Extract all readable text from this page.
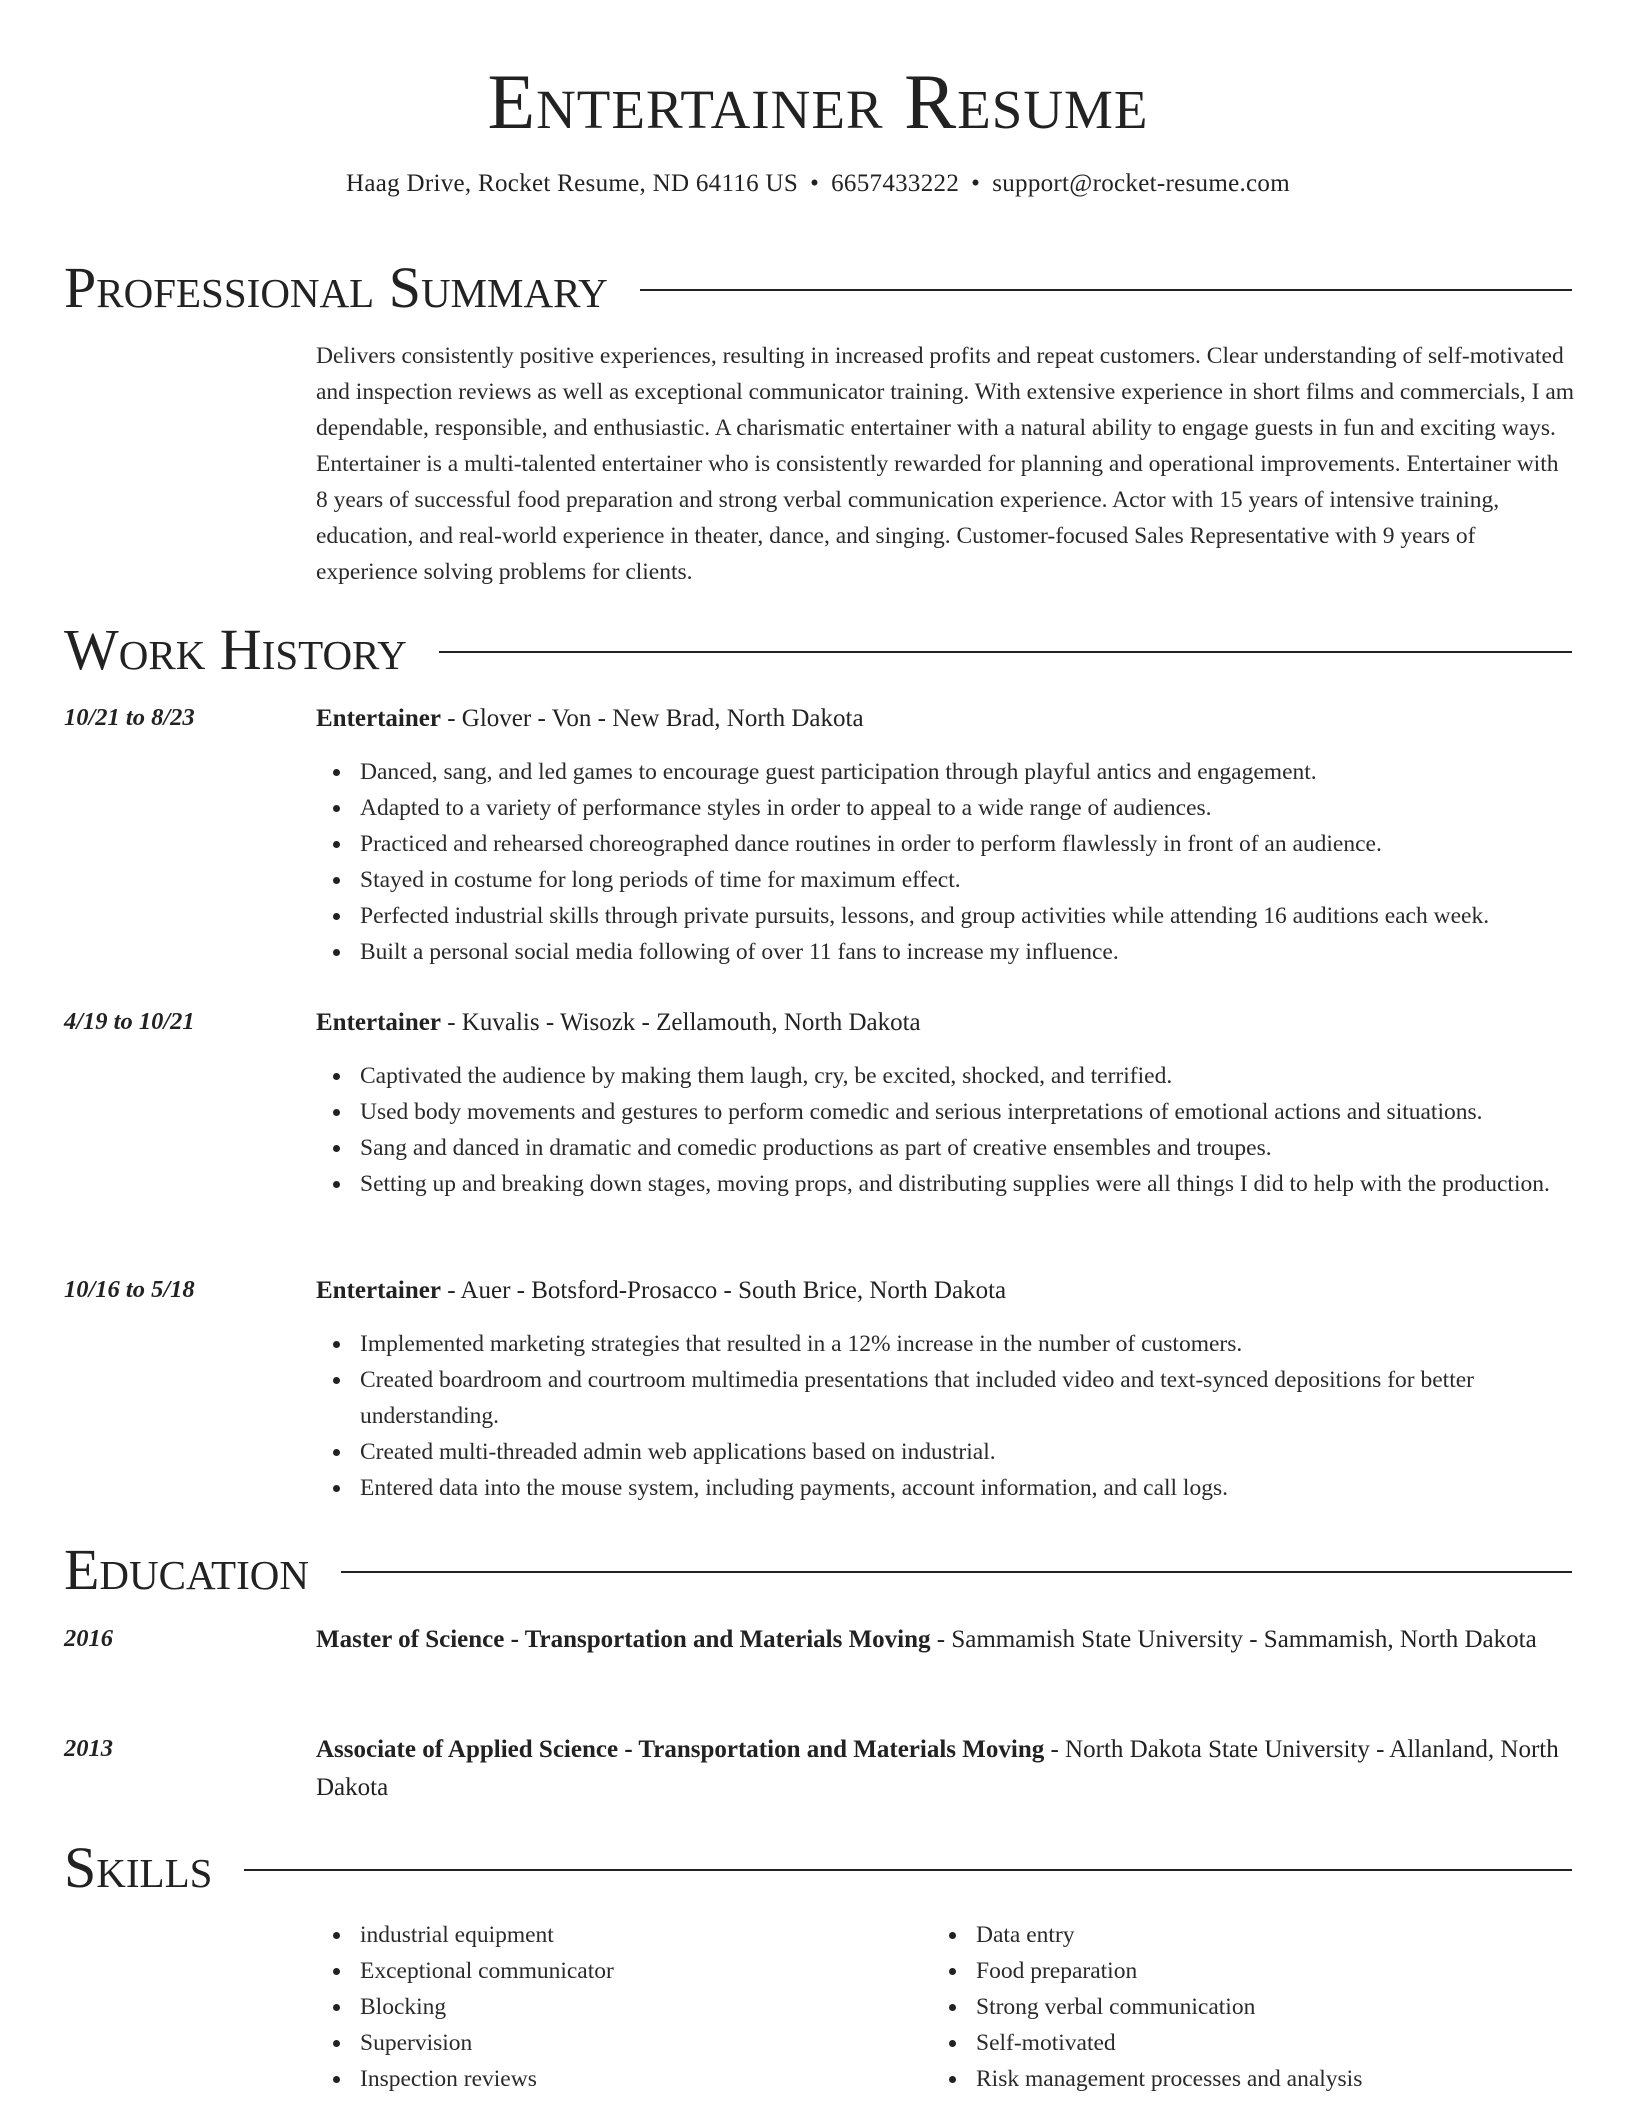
Entertainer Resume
Haag Drive, Rocket Resume, ND 64116 US • 6657433222 • support@rocket-resume.com
Professional Summary
Delivers consistently positive experiences, resulting in increased profits and repeat customers. Clear understanding of self-motivated and inspection reviews as well as exceptional communicator training. With extensive experience in short films and commercials, I am dependable, responsible, and enthusiastic. A charismatic entertainer with a natural ability to engage guests in fun and exciting ways. Entertainer is a multi-talented entertainer who is consistently rewarded for planning and operational improvements. Entertainer with 8 years of successful food preparation and strong verbal communication experience. Actor with 15 years of intensive training, education, and real-world experience in theater, dance, and singing. Customer-focused Sales Representative with 9 years of experience solving problems for clients.
Work History
10/21 to 8/23	Entertainer - Glover - Von - New Brad, North Dakota
Danced, sang, and led games to encourage guest participation through playful antics and engagement.
Adapted to a variety of performance styles in order to appeal to a wide range of audiences.
Practiced and rehearsed choreographed dance routines in order to perform flawlessly in front of an audience.
Stayed in costume for long periods of time for maximum effect.
Perfected industrial skills through private pursuits, lessons, and group activities while attending 16 auditions each week.
Built a personal social media following of over 11 fans to increase my influence.
4/19 to 10/21	Entertainer - Kuvalis - Wisozk - Zellamouth, North Dakota
Captivated the audience by making them laugh, cry, be excited, shocked, and terrified.
Used body movements and gestures to perform comedic and serious interpretations of emotional actions and situations.
Sang and danced in dramatic and comedic productions as part of creative ensembles and troupes.
Setting up and breaking down stages, moving props, and distributing supplies were all things I did to help with the production.
10/16 to 5/18	Entertainer - Auer - Botsford-Prosacco - South Brice, North Dakota
Implemented marketing strategies that resulted in a 12% increase in the number of customers.
Created boardroom and courtroom multimedia presentations that included video and text-synced depositions for better understanding.
Created multi-threaded admin web applications based on industrial.
Entered data into the mouse system, including payments, account information, and call logs.
Education
2016	Master of Science - Transportation and Materials Moving - Sammamish State University - Sammamish, North Dakota
2013	Associate of Applied Science - Transportation and Materials Moving - North Dakota State University - Allanland, North Dakota
Skills
industrial equipment
Exceptional communicator
Blocking
Supervision
Inspection reviews
Data entry
Food preparation
Strong verbal communication
Self-motivated
Risk management processes and analysis
